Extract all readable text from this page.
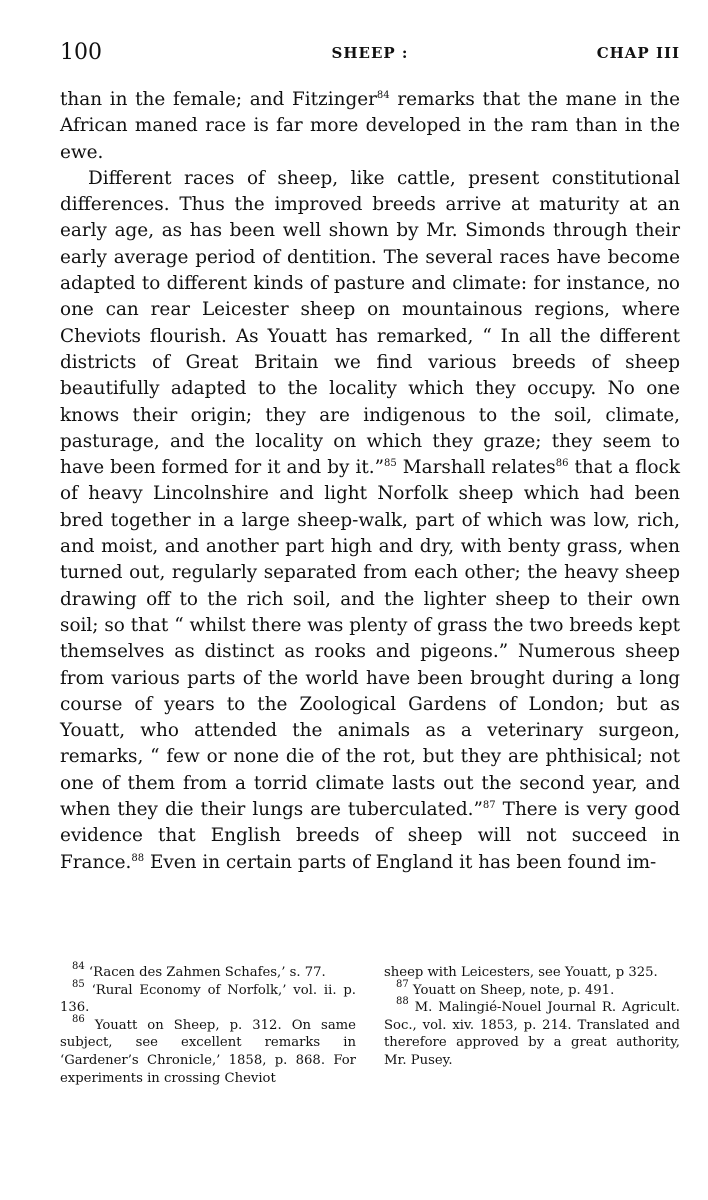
100	SHEEP :	CHAP III

than in the female; and Fitzinger$^{84}$ remarks that the mane in the African maned race is far more developed in the ram than in the ewe.

Different races of sheep, like cattle, present constitutional differences. Thus the improved breeds arrive at maturity at an early age, as has been well shown by Mr. Simonds through their early average period of dentition. The several races have become adapted to different kinds of pasture and climate: for instance, no one can rear Leicester sheep on mountainous regions, where Cheviots flourish. As Youatt has remarked, “ In all the different districts of Great Britain we find various breeds of sheep beautifully adapted to the locality which they occupy. No one knows their origin; they are indigenous to the soil, climate, pasturage, and the locality on which they graze; they seem to have been formed for it and by it.”$^{85}$ Marshall relates$^{86}$ that a flock of heavy Lincolnshire and light Norfolk sheep which had been bred together in a large sheep-walk, part of which was low, rich, and moist, and another part high and dry, with benty grass, when turned out, regularly separated from each other; the heavy sheep drawing off to the rich soil, and the lighter sheep to their own soil; so that “ whilst there was plenty of grass the two breeds kept themselves as distinct as rooks and pigeons.” Numerous sheep from various parts of the world have been brought during a long course of years to the Zoological Gardens of London; but as Youatt, who attended the animals as a veterinary surgeon, remarks, “ few or none die of the rot, but they are phthisical; not one of them from a torrid climate lasts out the second year, and when they die their lungs are tuberculated.”$^{87}$ There is very good evidence that English breeds of sheep will not succeed in France.$^{88}$ Even in certain parts of England it has been found im-

$^{84}$ ‘Racen des Zahmen Schafes,’ s. 77.

$^{85}$ ‘Rural Economy of Norfolk,’ vol. ii. p. 136.

$^{86}$ Youatt on Sheep, p. 312. On same subject, see excellent remarks in ‘Gardener’s Chronicle,’ 1858, p. 868. For experiments in crossing Cheviot

sheep with Leicesters, see Youatt, p 325.

$^{87}$ Youatt on Sheep, note, p. 491.

$^{88}$ M. Malingié-Nouel Journal R. Agricult. Soc., vol. xiv. 1853, p. 214. Translated and therefore approved by a great authority, Mr. Pusey.
